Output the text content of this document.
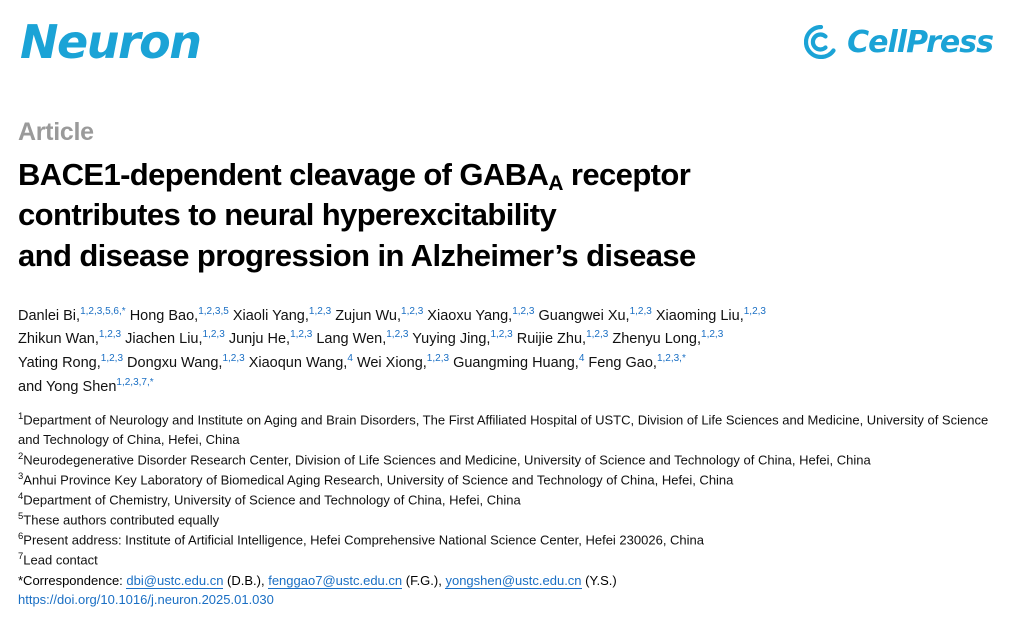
Neuron	CellPress
Article
BACE1-dependent cleavage of $GABA_A$ receptor
contributes to neural hyperexcitability
and disease progression in Alzheimer’s disease
Danlei Bi,$^{1,2,3,5,6,*}$ Hong Bao,$^{1,2,3,5}$ Xiaoli Yang,$^{1,2,3}$ Zujun Wu,$^{1,2,3}$ Xiaoxu Yang,$^{1,2,3}$ Guangwei Xu,$^{1,2,3}$ Xiaoming Liu,$^{1,2,3}$
Zhikun Wan,$^{1,2,3}$ Jiachen Liu,$^{1,2,3}$ Junju He,$^{1,2,3}$ Lang Wen,$^{1,2,3}$ Yuying Jing,$^{1,2,3}$ Ruijie Zhu,$^{1,2,3}$ Zhenyu Long,$^{1,2,3}$
Yating Rong,$^{1,2,3}$ Dongxu Wang,$^{1,2,3}$ Xiaoqun Wang,$^4$ Wei Xiong,$^{1,2,3}$ Guangming Huang,$^4$ Feng Gao,$^{1,2,3,*}$
and Yong Shen$^{1,2,3,7,*}$
$^1$Department of Neurology and Institute on Aging and Brain Disorders, The First Affiliated Hospital of USTC, Division of Life Sciences and Medicine, University of Science and Technology of China, Hefei, China
$^2$Neurodegenerative Disorder Research Center, Division of Life Sciences and Medicine, University of Science and Technology of China, Hefei, China
$^3$Anhui Province Key Laboratory of Biomedical Aging Research, University of Science and Technology of China, Hefei, China
$^4$Department of Chemistry, University of Science and Technology of China, Hefei, China
$^5$These authors contributed equally
$^6$Present address: Institute of Artificial Intelligence, Hefei Comprehensive National Science Center, Hefei 230026, China
$^7$Lead contact
*Correspondence: dbi@ustc.edu.cn (D.B.), fenggao7@ustc.edu.cn (F.G.), yongshen@ustc.edu.cn (Y.S.)
https://doi.org/10.1016/j.neuron.2025.01.030
